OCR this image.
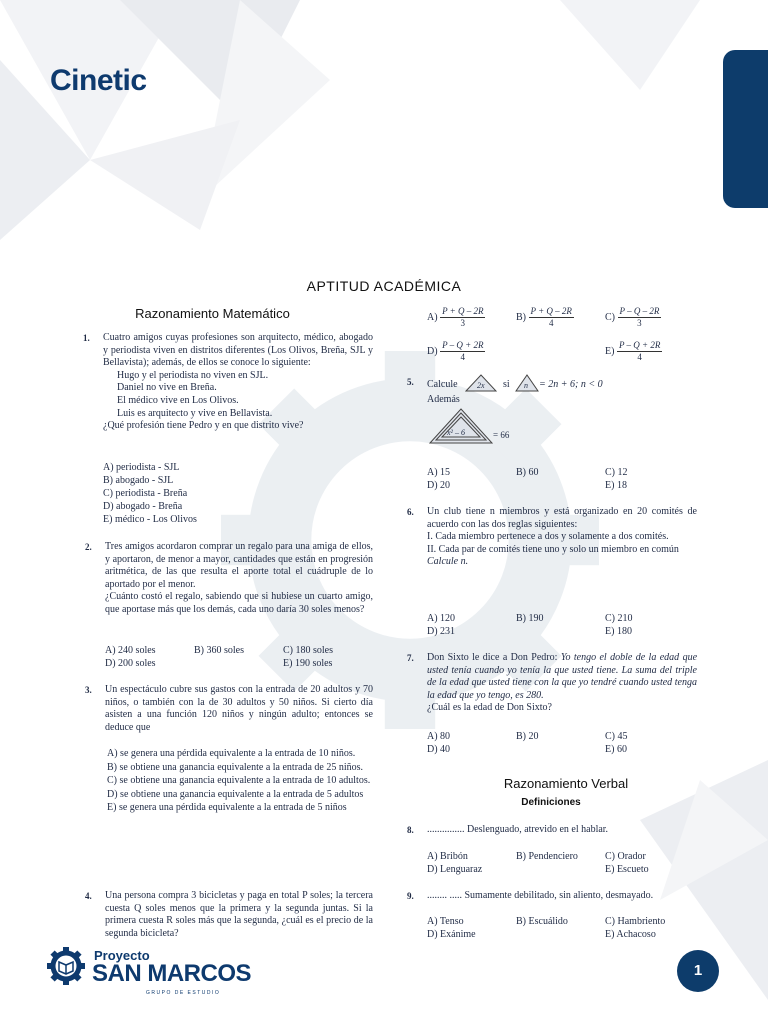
Cinetic
APTITUD ACADÉMICA
Razonamiento Matemático
1. Cuatro amigos cuyas profesiones son arquitecto, médico, abogado y periodista viven en distritos diferentes (Los Olivos, Breña, SJL y Bellavista); además, de ellos se conoce lo siguiente:

Hugo y el periodista no viven en SJL.

Daniel no vive en Breña.

El médico vive en Los Olivos.

Luis es arquitecto y vive en Bellavista.

¿Qué profesión tiene Pedro y en que distrito vive?

A) periodista - SJL
B) abogado - SJL
C) periodista - Breña
D) abogado - Breña
E) médico - Los Olivos
2. Tres amigos acordaron comprar un regalo para una amiga de ellos, y aportaron, de menor a mayor, cantidades que están en progresión aritmética, de las que resulta el aporte total el cuádruple de lo aportado por el menor.

¿Cuánto costó el regalo, sabiendo que si hubiese un cuarto amigo, que aportase más que los demás, cada uno daría 30 soles menos?

A) 240 soles	B) 360 soles	C) 180 soles
D) 200 soles	E) 190 soles
3. Un espectáculo cubre sus gastos con la entrada de 20 adultos y 70 niños, o también con la de 30 adultos y 50 niños. Si cierto día asisten a una función 120 niños y ningún adulto; entonces se deduce que

A) se genera una pérdida equivalente a la entrada de 10 niños.

B) se obtiene una ganancia equivalente a la entrada de 25 niños.

C) se obtiene una ganancia equivalente a la entrada de 10 adultos.

D) se obtiene una ganancia equivalente a la entrada de 5 adultos

E) se genera una pérdida equivalente a la entrada de 5 niños

4. Una persona compra 3 bicicletas y paga en total P soles; la tercera cuesta Q soles menos que la primera y la segunda juntas. Si la primera cuesta R soles más que la segunda, ¿cuál es el precio de la segunda bicicleta?

$A) \frac{P + Q - 2R}{3}$	$B) \frac{P + Q - 2R}{4}$	$C) \frac{P - Q - 2R}{3}$
$D) \frac{P - Q + 2R}{4}$	$E) \frac{P - Q + 2R}{4}$
5. Calcule 2x si n = 2n + 6; n < 0
Además
x² – 6	= 66
A) 15	B) 60	C) 12
D) 20	E) 18
6. Un club tiene n miembros y está organizado en 20 comités de acuerdo con las dos reglas siguientes:

I. Cada miembro pertenece a dos y solamente a dos comités.

II. Cada par de comités tiene uno y solo un miembro en común

Calcule n.

A) 120	B) 190	C) 210
D) 231	E) 180
7. Don Sixto le dice a Don Pedro: Yo tengo el doble de la edad que usted tenía cuando yo tenía la que usted tiene. La suma del triple de la edad que usted tiene con la que yo tendré cuando usted tenga la edad que yo tengo, es 280.

¿Cuál es la edad de Don Sixto?

A) 80	B) 20	C) 45
D) 40	E) 60
Razonamiento Verbal
Definiciones
8. ............... Deslenguado, atrevido en el hablar.

A) Bribón	B) Pendenciero	C) Orador
D) Lenguaraz	E) Escueto
9. ........ ..... Sumamente debilitado, sin aliento, desmayado.

A) Tenso	B) Escuálido	C) Hambriento
D) Exánime	E) Achacoso
Proyecto
SAN MARCOS
GRUPO DE ESTUDIO
1
